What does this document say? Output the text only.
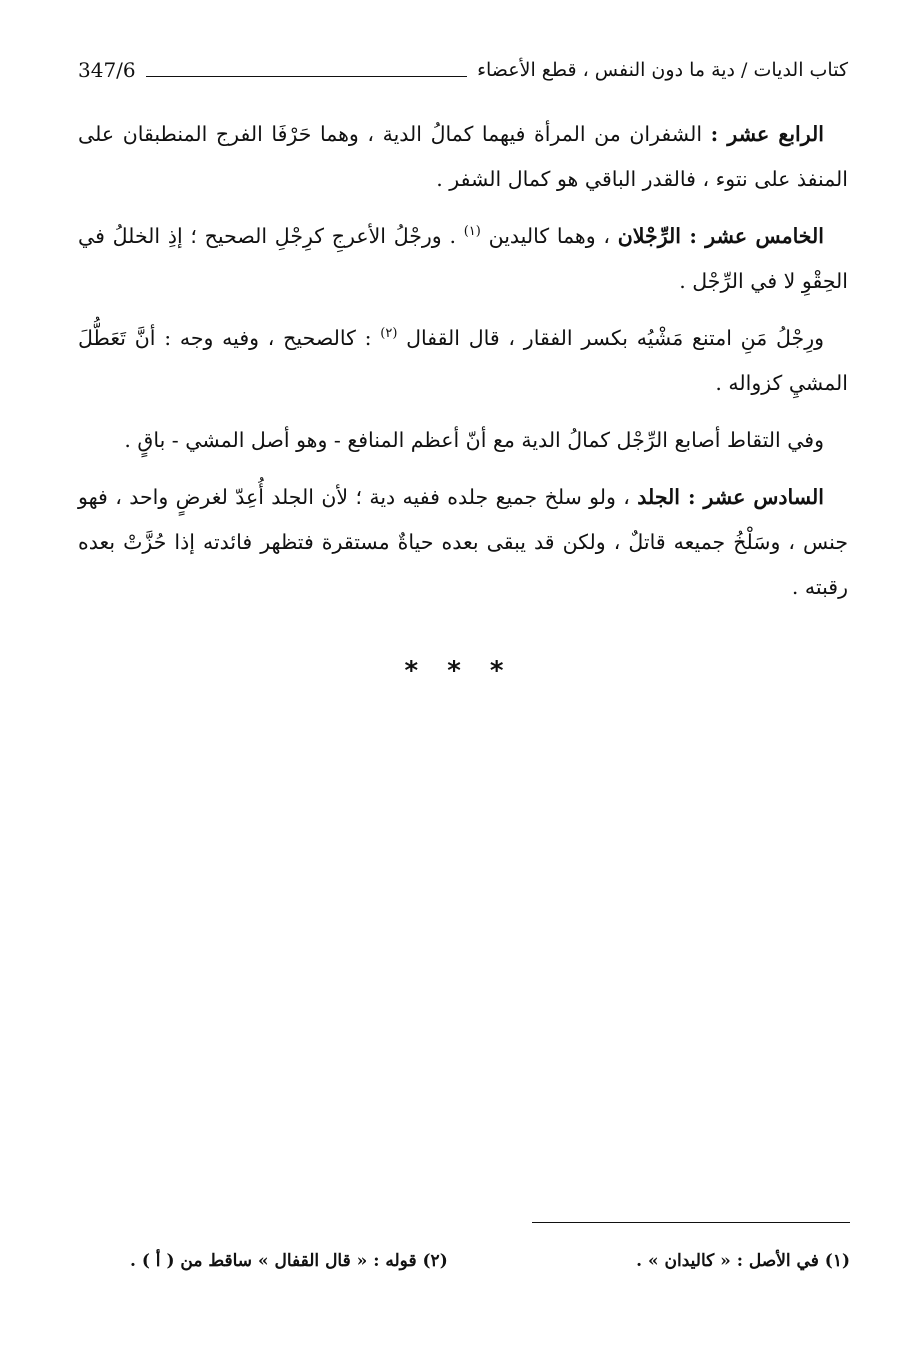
كتاب الديات / دية ما دون النفس ، قطع الأعضاء
347/6

الرابع عشر : الشفران من المرأة فيهما كمالُ الدية ، وهما حَرْفَا الفرج المنطبقان على المنفذ على نتوء ، فالقدر الباقي هو كمال الشفر .

الخامس عشر : الرِّجْلان ، وهما كاليدين $^{(١)}$ . ورجْلُ الأعرجِ كرِجْلِ الصحيح ؛ إذِ الخللُ في الحِقْوِ لا في الرِّجْل .

ورِجْلُ مَنِ امتنع مَشْيُه بكسر الفقار ، قال القفال $^{(٢)}$ : كالصحيح ، وفيه وجه : أنَّ تَعَطُّلَ المشيِ كزواله .

وفي التقاط أصابع الرِّجْل كمالُ الدية مع أنّ أعظم المنافع - وهو أصل المشي - باقٍ .

السادس عشر : الجلد ، ولو سلخ جميع جلده ففيه دية ؛ لأن الجلد أُعِدّ لغرضٍ واحد ، فهو جنس ، وسَلْخُ جميعه قاتلٌ ، ولكن قد يبقى بعده حياةٌ مستقرة فتظهر فائدته إذا حُزَّتْ بعده رقبته .

* * *
(١) في الأصل : « كاليدان » .
(٢) قوله : « قال القفال » ساقط من ( أ ) .
